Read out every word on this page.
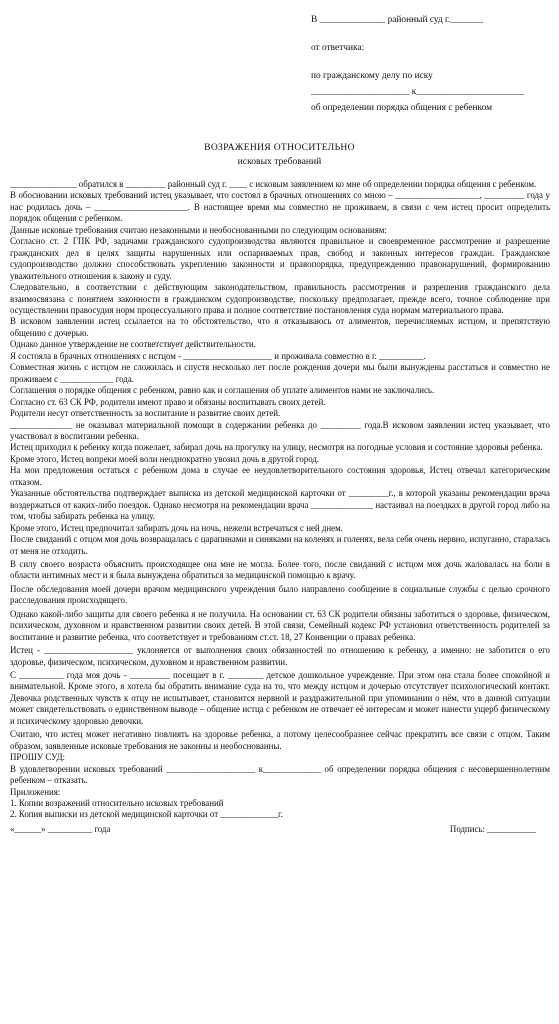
В ______________ районный суд г._______
от ответчика:
по гражданскому делу по иску
_____________________ к_______________________
об определении порядка общения с ребенком
ВОЗРАЖЕНИЯ ОТНОСИТЕЛЬНО
исковых требований

_______________ обратился в _________ районный суд г. ____ с исковым заявлением ко мне об определении порядка общения с ребенком.

В обосновании исковых требований истец указывает, что состоял в брачных отношениях со мною – ___________________, _________ года у нас родилась дочь – _____________________. В настоящее время мы совместно не проживаем, в связи с чем истец просит определить порядок общения с ребенком.

Данные исковые требования считаю незаконными и необоснованными по следующим основаниям:

Согласно ст. 2 ГПК РФ, задачами гражданского судопроизводства являются правильное и своевременное рассмотрение и разрешение гражданских дел в целях защиты нарушенных или оспариваемых прав, свобод и законных интересов граждан. Гражданское судопроизводство должно способствовать укреплению законности и правопорядка, предупреждению правонарушений, формированию уважительного отношения к закону и суду.

Следовательно, в соответствии с действующим законодательством, правильность рассмотрения и разрешения гражданского дела взаимосвязана с понятием законности в гражданском судопроизводстве, поскольку предполагает, прежде всего, точное соблюдение при осуществлении правосудия норм процессуального права и полное соответствие постановления суда нормам материального права.

В исковом заявлении истец ссылается на то обстоятельство, что я отказываюсь от алиментов, перечисляемых истцом, и препятствую общению с дочерью.

Однако данное утверждение не соответствует действительности.

Я состояла в брачных отношениях с истцом - ____________________ и проживала совместно в г. __________.

Совместная жизнь с истцом не сложилась и спустя несколько лет после рождения дочери мы были вынуждены расстаться и совместно не проживаем с ____________ года.

Соглашения о порядке общения с ребенком, равно как и соглашения об уплате алиментов нами не заключались.

Согласно ст. 63 СК РФ, родители имеют право и обязаны воспитывать своих детей.

Родители несут ответственность за воспитание и развитие своих детей.

______________ не оказывал материальной помощи в содержании ребенка до _________ года.В исковом заявлении истец указывает, что участвовал в воспитании ребенка.

Истец приходил к ребенку когда пожелает, забирал дочь на прогулку на улицу, несмотря на погодные условия и состояние здоровья ребенка.

Кроме этого, Истец вопреки моей воли неоднократно увозил дочь в другой город.

На мои предложения остаться с ребенком дома в случае ее неудовлетворительного состояния здоровья, Истец отвечал категорическим отказом.

Указанные обстоятельства подтверждает выписка из детской медицинской карточки от _________г., в которой указаны рекомендации врача воздержаться от каких-либо поездок. Однако несмотря на рекомендации врача ______________ настаивал на поездках в другой город либо на том, чтобы забирать ребенка на улицу.

Кроме этого, Истец предпочитал забирать дочь на ночь, нежели встречаться с ней днем.

После свиданий с отцом моя дочь возвращалась с царапинами и синяками на коленях и голенях, вела себя очень нервно, испуганно, старалась от меня не отходить.

В силу своего возраста объяснить происходящее она мне не могла. Более того, после свиданий с истцом моя дочь жаловалась на боли в области интимных мест и я была вынуждена обратиться за медицинской помощью к врачу.

После обследования моей дочери врачом медицинского учреждения было направлено сообщение в социальные службы с целью срочного расследования происходящего.

Однако какой-либо защиты для своего ребенка я не получила. На основании ст. 63 СК родители обязаны заботиться о здоровье, физическом, психическом, духовном и нравственном развитии своих детей. В этой связи, Семейный кодекс РФ установил ответственность родителей за воспитание и развитие ребенка, что соответствует и требованиям ст.ст. 18, 27 Конвенции о правах ребенка.

Истец - ____________________ уклоняется от выполнения своих обязанностей по отношению к ребенку, а именно: не заботится о его здоровье, физическом, психическом, духовном и нравственном развитии.

С __________ года моя дочь - _________ посещает в г. ________ детское дошкольное учреждение. При этом она стала более спокойной и внимательной. Кроме этого, я хотела бы обратить внимание суда на то, что между истцом и дочерью отсутствует психологический контакт. Девочка родственных чувств к отцу не испытывает, становится нервной и раздражительной при упоминании о нём, что в данной ситуации может свидетельствовать о единственном выводе – общение истца с ребенком не отвечает её интересам и может нанести ущерб физическому и психическому здоровью девочки.

Считаю, что истец может негативно повлиять на здоровье ребенка, а потому целесообразнее сейчас прекратить все связи с отцом. Таким образом, заявленные исковые требования не законны и необоснованны.

ПРОШУ СУД:

В удовлетворении исковых требований ____________________ к_____________ об определении порядка общения с несовершеннолетним ребенком – отказать.

Приложения:

1. Копии возражений относительно исковых требований

2. Копия выписки из детской медицинской карточки от _____________г.

«______» __________ года	Подпись: ___________
